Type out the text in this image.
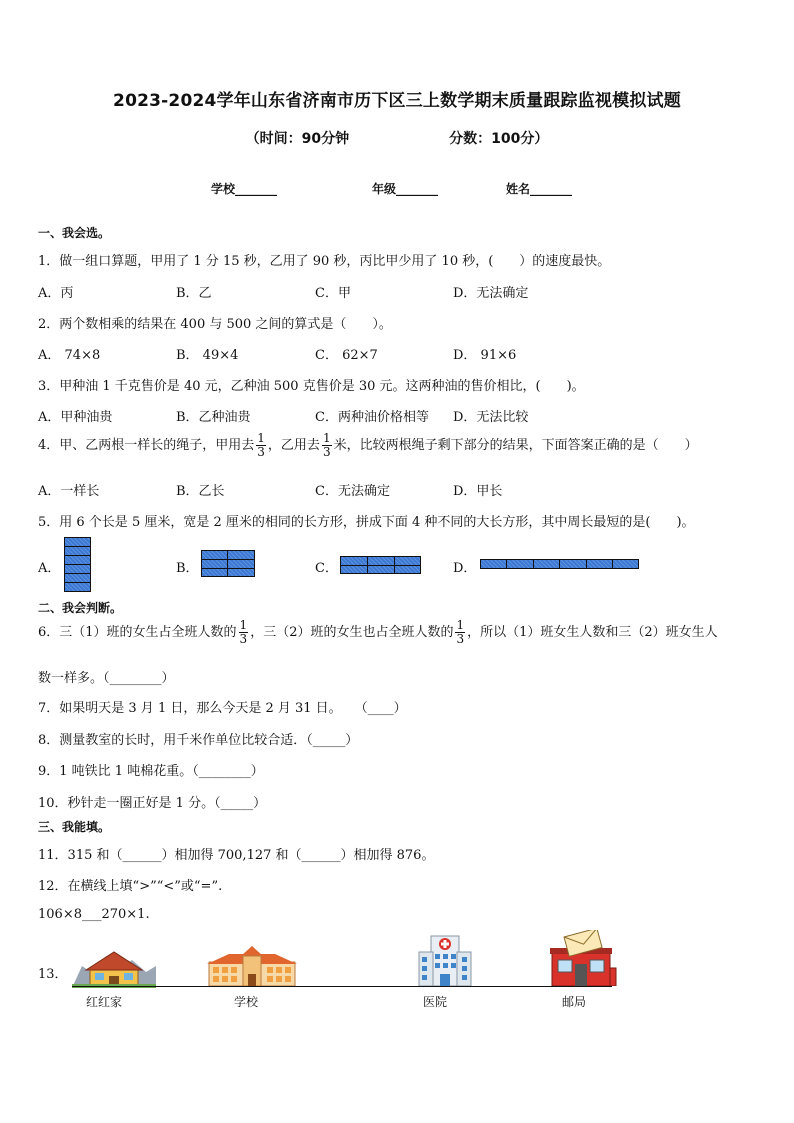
2023-2024学年山东省济南市历下区三上数学期末质量跟踪监视模拟试题
（时间：90分钟	分数：100分）
学校_______	年级_______	姓名_______
一、我会选。
1．做一组口算题，甲用了 1 分 15 秒，乙用了 90 秒，丙比甲少用了 10 秒，(　　）的速度最快。
A．丙	B．乙	C．甲	D．无法确定
2．两个数相乘的结果在 400 与 500 之间的算式是（　　）。
A． 74×8	B． 49×4	C． 62×7	D． 91×6
3．甲种油 1 千克售价是 40 元，乙种油 500 克售价是 30 元。这两种油的售价相比，(　　)。
A．甲种油贵	B．乙种油贵	C．两种油价格相等 D．无法比较
4．甲、乙两根一样长的绳子，甲用去 $\frac{1}{3}$ ，乙用去 $\frac{1}{3}$ 米，比较两根绳子剩下部分的结果，下面答案正确的是（　　）
A．一样长	B．乙长	C．无法确定	D．甲长
5．用 6 个长是 5 厘米，宽是 2 厘米的相同的长方形，拼成下面 4 种不同的大长方形，其中周长最短的是(　　)。
A．	B．	C．	D．
二、我会判断。
6．三（1）班的女生占全班人数的 $\frac{1}{3}$ ，三（2）班的女生也占全班人数的 $\frac{1}{3}$ ，所以（1）班女生人数和三（2）班女生人
数一样多。（________）
7．如果明天是 3 月 1 日，那么今天是 2 月 31 日。　　（____）
8．测量教室的长时，用千米作单位比较合适．（_____）
9．1 吨铁比 1 吨棉花重。（________）
10．秒针走一圈正好是 1 分。（_____）
三、我能填。
11．315 和（______）相加得 700,127 和（______）相加得 876。
12．在横线上填“>”“<”或“=”.
106×8___270×1.
13．
红红家	学校	医院	邮局
